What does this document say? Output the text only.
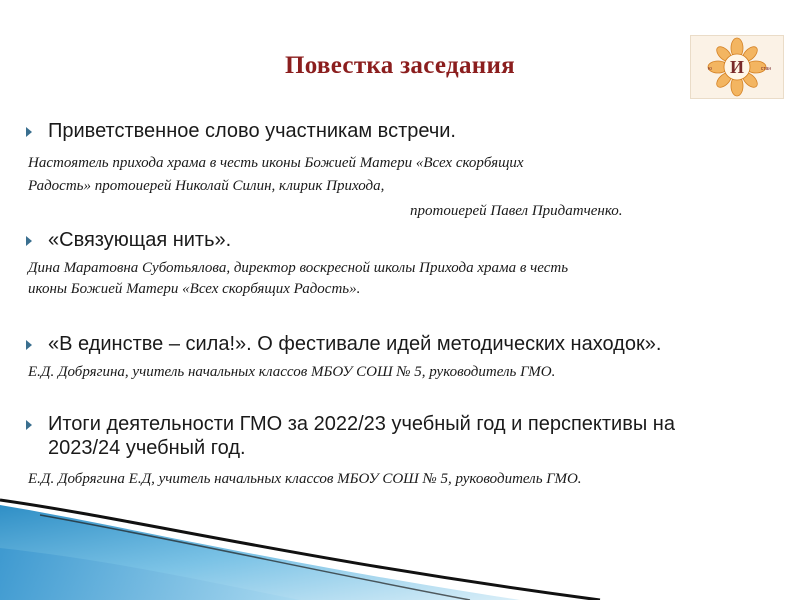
Повестка заседания	И
ю	стан
Приветственное слово участникам встречи.
Настоятель прихода храма в честь иконы Божией Матери «Всех скорбящих
Радость» протоиерей Николай Силин, клирик Прихода,
протоиерей Павел Придатченко.
«Связующая нить».
Дина Маратовна Суботьялова, директор воскресной школы Прихода храма в честь
иконы Божией Матери «Всех скорбящих Радость».
«В единстве – сила!». О фестивале идей методических находок».
Е.Д. Добрягина, учитель начальных классов МБОУ СОШ № 5, руководитель ГМО.
Итоги деятельности ГМО за 2022/23 учебный год и перспективы на
2023/24 учебный год.
Е.Д. Добрягина Е.Д, учитель начальных классов МБОУ СОШ № 5, руководитель ГМО.
